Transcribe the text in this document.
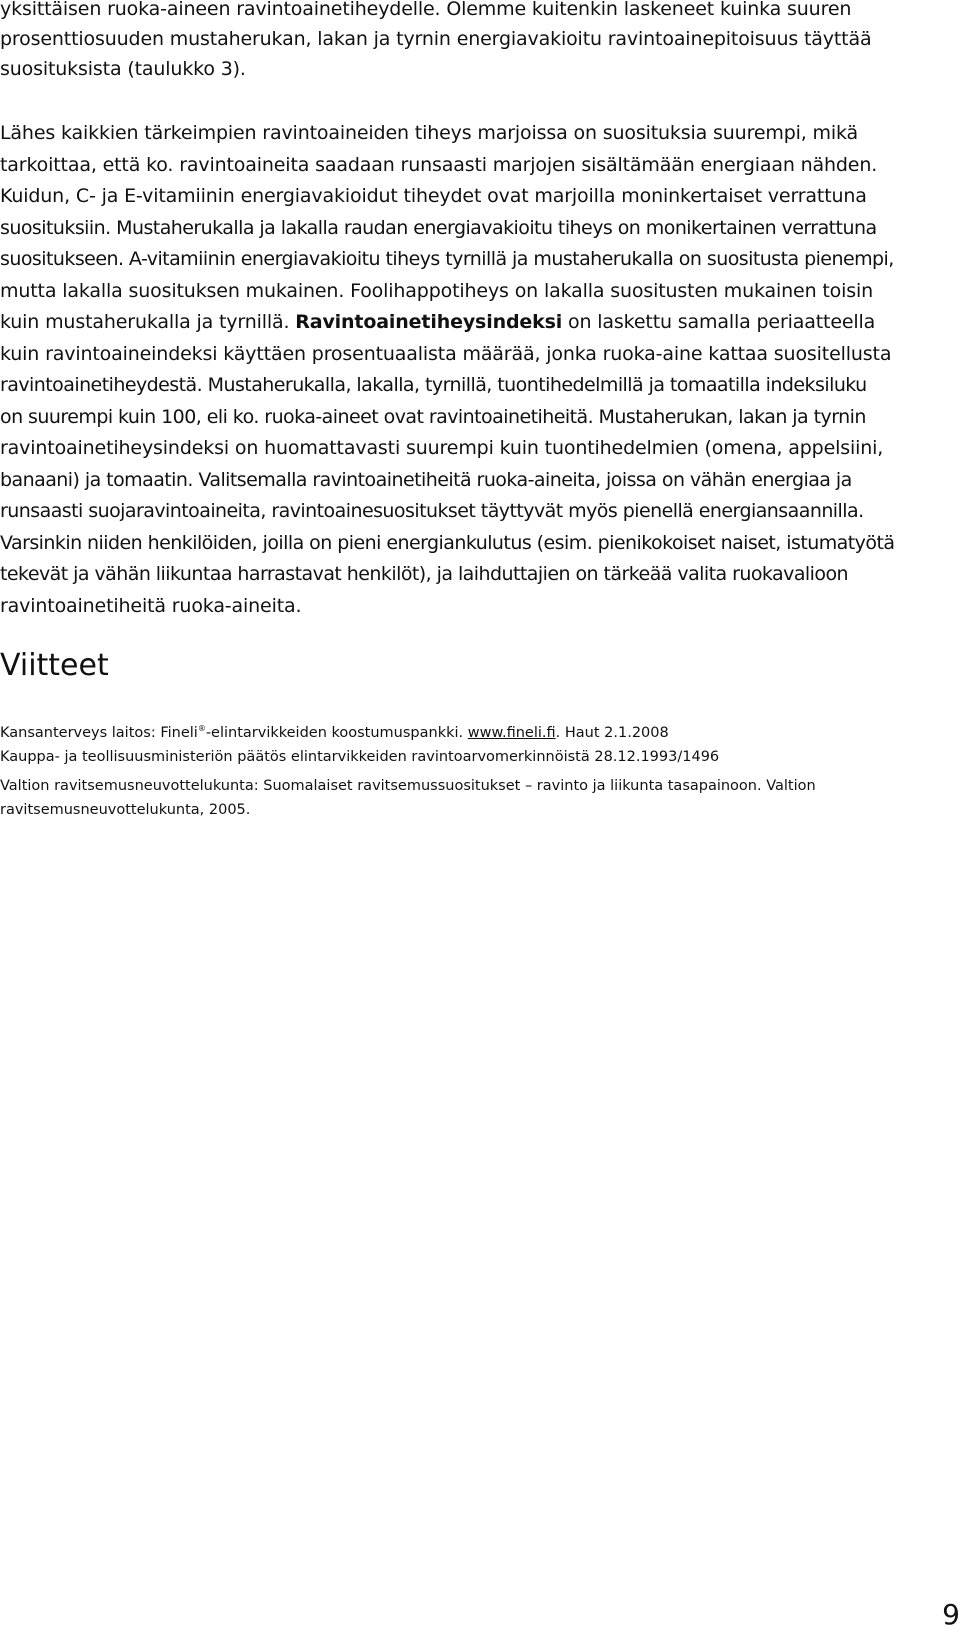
yksittäisen ruoka-aineen ravintoainetiheydelle. Olemme kuitenkin laskeneet kuinka suuren
prosenttiosuuden mustaherukan, lakan ja tyrnin energiavakioitu ravintoainepitoisuus täyttää
suosituksista (taulukko 3).
Lähes kaikkien tärkeimpien ravintoaineiden tiheys marjoissa on suosituksia suurempi, mikä
tarkoittaa, että ko. ravintoaineita saadaan runsaasti marjojen sisältämään energiaan nähden.
Kuidun, C- ja E-vitamiinin energiavakioidut tiheydet ovat marjoilla moninkertaiset verrattuna
suosituksiin. Mustaherukalla ja lakalla raudan energiavakioitu tiheys on monikertainen verrattuna
suositukseen. A-vitamiinin energiavakioitu tiheys tyrnillä ja mustaherukalla on suositusta pienempi,
mutta lakalla suosituksen mukainen. Foolihappotiheys on lakalla suositusten mukainen toisin
kuin mustaherukalla ja tyrnillä. Ravintoainetiheysindeksi on laskettu samalla periaatteella
kuin ravintoaineindeksi käyttäen prosentuaalista määrää, jonka ruoka-aine kattaa suositellusta
ravintoainetiheydestä. Mustaherukalla, lakalla, tyrnillä, tuontihedelmillä ja tomaatilla indeksiluku
on suurempi kuin 100, eli ko. ruoka-aineet ovat ravintoainetiheitä. Mustaherukan, lakan ja tyrnin
ravintoainetiheysindeksi on huomattavasti suurempi kuin tuontihedelmien (omena, appelsiini,
banaani) ja tomaatin. Valitsemalla ravintoainetiheitä ruoka-aineita, joissa on vähän energiaa ja
runsaasti suojaravintoaineita, ravintoainesuositukset täyttyvät myös pienellä energiansaannilla.
Varsinkin niiden henkilöiden, joilla on pieni energiankulutus (esim. pienikokoiset naiset, istumatyötä
tekevät ja vähän liikuntaa harrastavat henkilöt), ja laihduttajien on tärkeää valita ruokavalioon
ravintoainetiheitä ruoka-aineita.
Viitteet

Kansanterveys laitos: Fineli®-elintarvikkeiden koostumuspankki. www.fineli.fi. Haut 2.1.2008

Kauppa- ja teollisuusministeriön päätös elintarvikkeiden ravintoarvomerkinnöistä 28.12.1993/1496

Valtion ravitsemusneuvottelukunta: Suomalaiset ravitsemussuositukset – ravinto ja liikunta tasapainoon. Valtion
ravitsemusneuvottelukunta, 2005.

9
